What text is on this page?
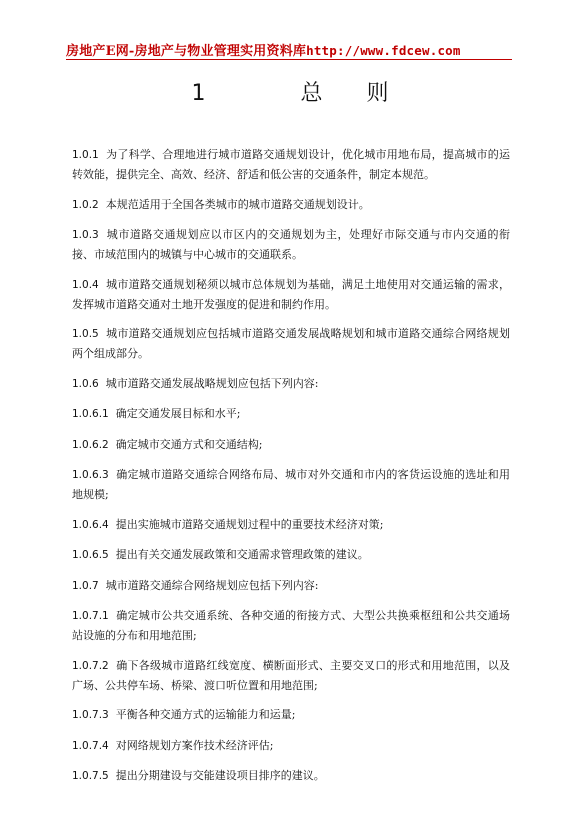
房地产E网-房地产与物业管理实用资料库http://www.fdcew.com
1 总则

1.0.1 为了科学、合理地进行城市道路交通规划设计，优化城市用地布局，提高城市的运转效能，提供完全、高效、经济、舒适和低公害的交通条件，制定本规范。

1.0.2 本规范适用于全国各类城市的城市道路交通规划设计。

1.0.3 城市道路交通规划应以市区内的交通规划为主，处理好市际交通与市内交通的衔接、市域范围内的城镇与中心城市的交通联系。

1.0.4 城市道路交通规划秘须以城市总体规划为基础，满足土地使用对交通运输的需求，发挥城市道路交通对土地开发强度的促进和制约作用。

1.0.5 城市道路交通规划应包括城市道路交通发展战略规划和城市道路交通综合网络规划两个组成部分。

1.0.6 城市道路交通发展战略规划应包括下列内容:

1.0.6.1 确定交通发展目标和水平;

1.0.6.2 确定城市交通方式和交通结构;

1.0.6.3 确定城市道路交通综合网络布局、城市对外交通和市内的客货运设施的选址和用地规模;

1.0.6.4 提出实施城市道路交通规划过程中的重要技术经济对策;

1.0.6.5 提出有关交通发展政策和交通需求管理政策的建议。

1.0.7 城市道路交通综合网络规划应包括下列内容:

1.0.7.1 确定城市公共交通系统、各种交通的衔接方式、大型公共换乘枢纽和公共交通场站设施的分布和用地范围;

1.0.7.2 确下各级城市道路红线宽度、横断面形式、主要交叉口的形式和用地范围，以及广场、公共停车场、桥梁、渡口听位置和用地范围;

1.0.7.3 平衡各种交通方式的运输能力和运量;

1.0.7.4 对网络规划方案作技术经济评估;

1.0.7.5 提出分期建设与交能建设项目排序的建议。
